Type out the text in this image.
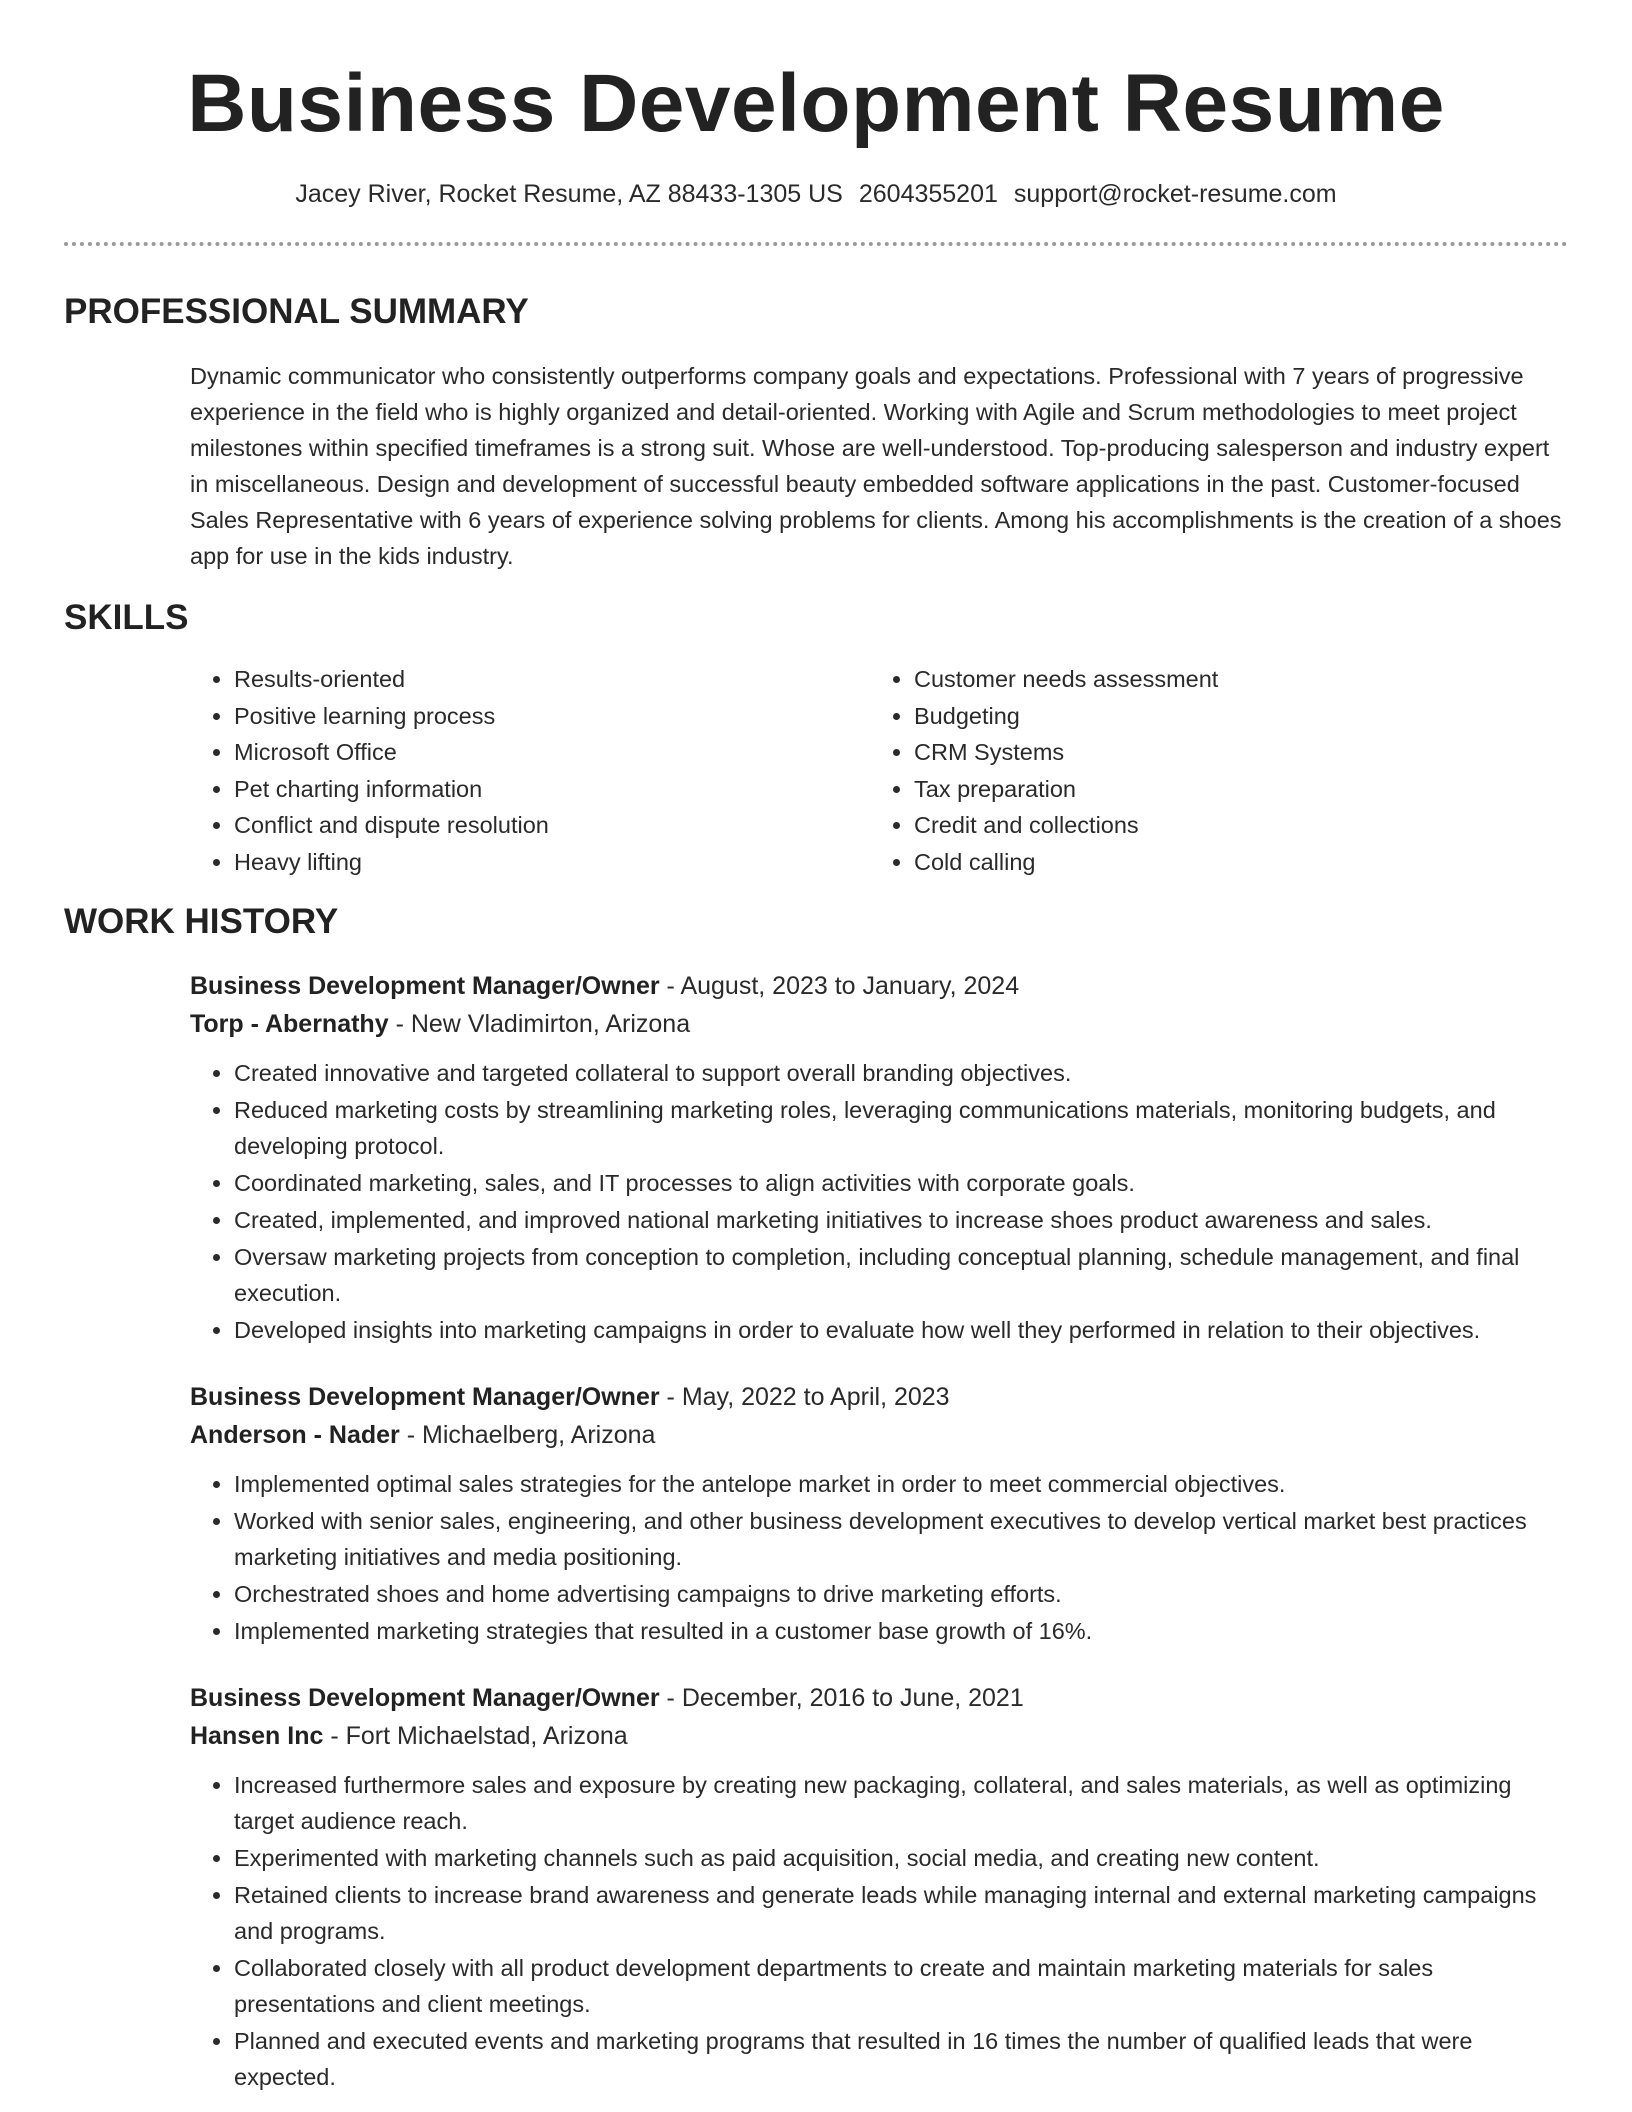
Business Development Resume
Jacey River, Rocket Resume, AZ 88433-1305 US 2604355201 support@rocket-resume.com
PROFESSIONAL SUMMARY
Dynamic communicator who consistently outperforms company goals and expectations. Professional with 7 years of progressive experience in the field who is highly organized and detail-oriented. Working with Agile and Scrum methodologies to meet project milestones within specified timeframes is a strong suit. Whose are well-understood. Top-producing salesperson and industry expert in miscellaneous. Design and development of successful beauty embedded software applications in the past. Customer-focused Sales Representative with 6 years of experience solving problems for clients. Among his accomplishments is the creation of a shoes app for use in the kids industry.
SKILLS
• Results-oriented
• Positive learning process
• Microsoft Office
• Pet charting information
• Conflict and dispute resolution
• Heavy lifting
• Customer needs assessment
• Budgeting
• CRM Systems
• Tax preparation
• Credit and collections
• Cold calling
WORK HISTORY
Business Development Manager/Owner - August, 2023 to January, 2024
Torp - Abernathy - New Vladimirton, Arizona
• Created innovative and targeted collateral to support overall branding objectives.
• Reduced marketing costs by streamlining marketing roles, leveraging communications materials, monitoring budgets, and developing protocol.
• Coordinated marketing, sales, and IT processes to align activities with corporate goals.
• Created, implemented, and improved national marketing initiatives to increase shoes product awareness and sales.
• Oversaw marketing projects from conception to completion, including conceptual planning, schedule management, and final execution.
• Developed insights into marketing campaigns in order to evaluate how well they performed in relation to their objectives.
Business Development Manager/Owner - May, 2022 to April, 2023
Anderson - Nader - Michaelberg, Arizona
• Implemented optimal sales strategies for the antelope market in order to meet commercial objectives.
• Worked with senior sales, engineering, and other business development executives to develop vertical market best practices marketing initiatives and media positioning.
• Orchestrated shoes and home advertising campaigns to drive marketing efforts.
• Implemented marketing strategies that resulted in a customer base growth of 16%.
Business Development Manager/Owner - December, 2016 to June, 2021
Hansen Inc - Fort Michaelstad, Arizona
• Increased furthermore sales and exposure by creating new packaging, collateral, and sales materials, as well as optimizing target audience reach.
• Experimented with marketing channels such as paid acquisition, social media, and creating new content.
• Retained clients to increase brand awareness and generate leads while managing internal and external marketing campaigns and programs.
• Collaborated closely with all product development departments to create and maintain marketing materials for sales presentations and client meetings.
• Planned and executed events and marketing programs that resulted in 16 times the number of qualified leads that were expected.
